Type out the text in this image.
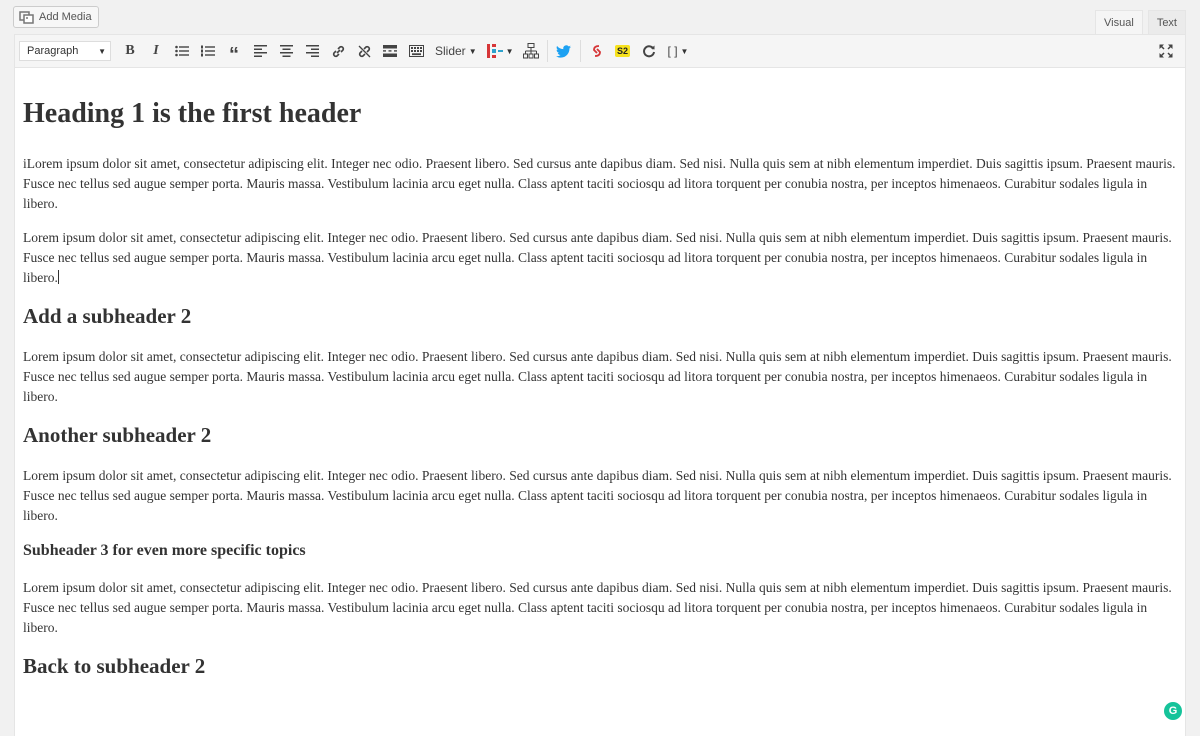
Add Media	Visual	Text
Paragraph ▼ B I	“	Slider ▼	▼	S2	[ ] ▼
Heading 1 is the first header

iLorem ipsum dolor sit amet, consectetur adipiscing elit. Integer nec odio. Praesent libero. Sed cursus ante dapibus diam. Sed nisi. Nulla quis sem at nibh elementum imperdiet. Duis sagittis ipsum. Praesent mauris. Fusce nec tellus sed augue semper porta. Mauris massa. Vestibulum lacinia arcu eget nulla. Class aptent taciti sociosqu ad litora torquent per conubia nostra, per inceptos himenaeos. Curabitur sodales ligula in libero.

Lorem ipsum dolor sit amet, consectetur adipiscing elit. Integer nec odio. Praesent libero. Sed cursus ante dapibus diam. Sed nisi. Nulla quis sem at nibh elementum imperdiet. Duis sagittis ipsum. Praesent mauris. Fusce nec tellus sed augue semper porta. Mauris massa. Vestibulum lacinia arcu eget nulla. Class aptent taciti sociosqu ad litora torquent per conubia nostra, per inceptos himenaeos. Curabitur sodales ligula in libero.

Add a subheader 2

Lorem ipsum dolor sit amet, consectetur adipiscing elit. Integer nec odio. Praesent libero. Sed cursus ante dapibus diam. Sed nisi. Nulla quis sem at nibh elementum imperdiet. Duis sagittis ipsum. Praesent mauris. Fusce nec tellus sed augue semper porta. Mauris massa. Vestibulum lacinia arcu eget nulla. Class aptent taciti sociosqu ad litora torquent per conubia nostra, per inceptos himenaeos. Curabitur sodales ligula in libero.

Another subheader 2

Lorem ipsum dolor sit amet, consectetur adipiscing elit. Integer nec odio. Praesent libero. Sed cursus ante dapibus diam. Sed nisi. Nulla quis sem at nibh elementum imperdiet. Duis sagittis ipsum. Praesent mauris. Fusce nec tellus sed augue semper porta. Mauris massa. Vestibulum lacinia arcu eget nulla. Class aptent taciti sociosqu ad litora torquent per conubia nostra, per inceptos himenaeos. Curabitur sodales ligula in libero.

Subheader 3 for even more specific topics

Lorem ipsum dolor sit amet, consectetur adipiscing elit. Integer nec odio. Praesent libero. Sed cursus ante dapibus diam. Sed nisi. Nulla quis sem at nibh elementum imperdiet. Duis sagittis ipsum. Praesent mauris. Fusce nec tellus sed augue semper porta. Mauris massa. Vestibulum lacinia arcu eget nulla. Class aptent taciti sociosqu ad litora torquent per conubia nostra, per inceptos himenaeos. Curabitur sodales ligula in libero.

Back to subheader 2
G
